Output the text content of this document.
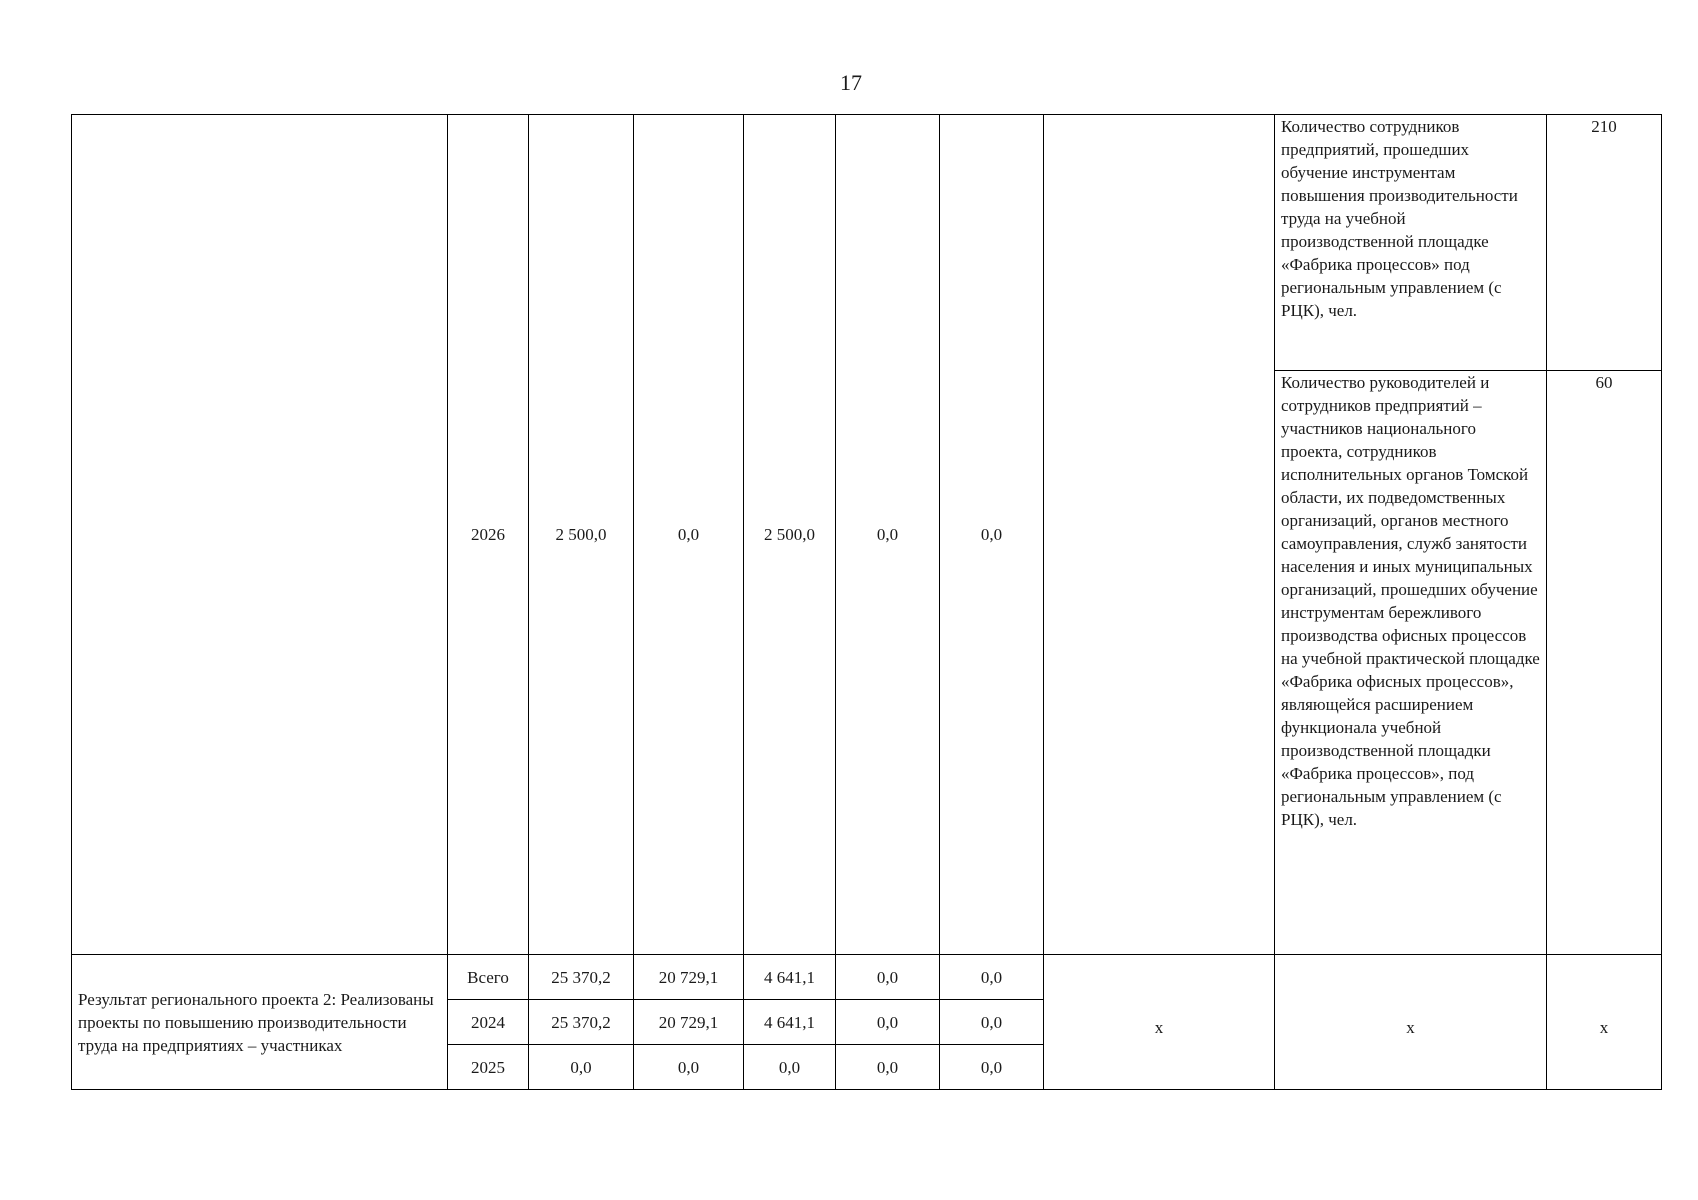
17
	2026	2 500,0	0,0	2 500,0	0,0	0,0		Количество сотрудников предприятий, прошедших обучение инструментам повышения производительности труда на учебной производственной площадке «Фабрика процессов» под региональным управлением (с РЦК), чел.	210
								Количество руководителей и сотрудников предприятий – участников национального проекта, сотрудников исполнительных органов Томской области, их подведомственных организаций, органов местного самоуправления, служб занятости населения и иных муниципальных организаций, прошедших обучение инструментам бережливого производства офисных процессов на учебной практической площадке «Фабрика офисных процессов», являющейся расширением функционала учебной производственной площадки «Фабрика процессов», под региональным управлением (с РЦК), чел.	60
Результат регионального проекта 2: Реализованы проекты по повышению производительности труда на предприятиях – участниках	Всего	25 370,2	20 729,1	4 641,1	0,0	0,0	х	х	х
	2024	25 370,2	20 729,1	4 641,1	0,0	0,0			
	2025	0,0	0,0	0,0	0,0	0,0			
